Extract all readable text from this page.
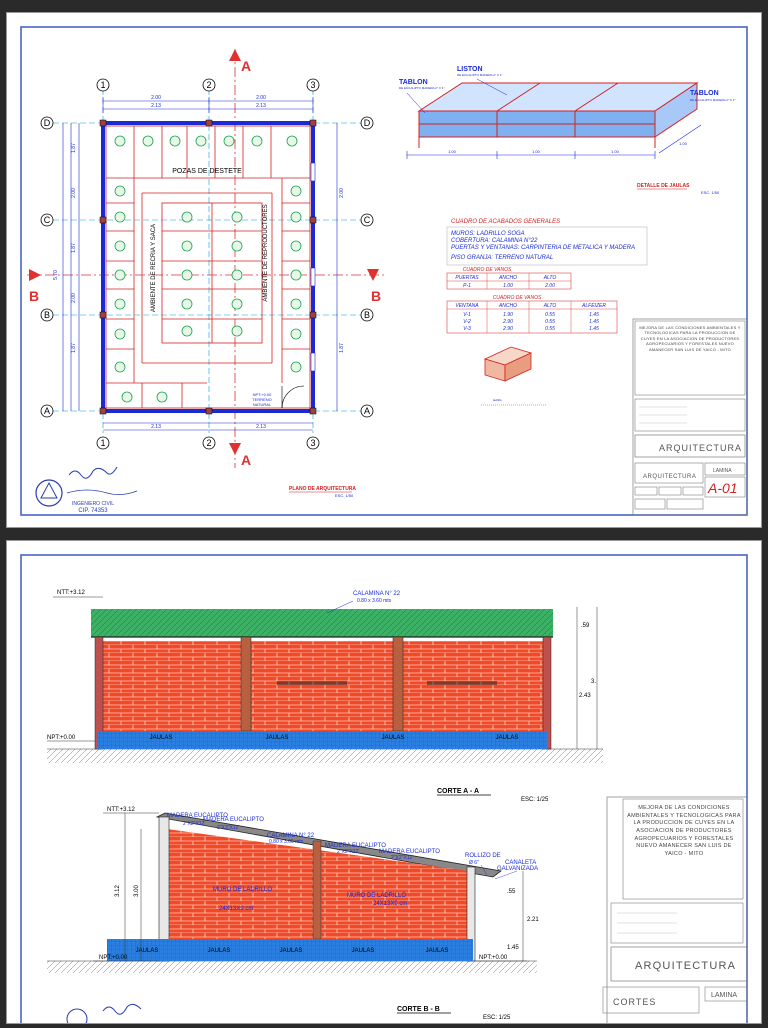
A
A
B	B
1	2	3
1	2	3
D
C
B
A
D
C
B
A
2.00	2.00
2.13	2.13
5.70
1.87
2.00
1.87
2.00
1.87
2.00
1.87
POZAS DE DESTETE
AMBIENTE DE RECRIA Y SACA	AMBIENTE DE REPRODUCTORES
NPT:+0.00
TERRENO
NATURAL
2.13	2.13
PLANO DE ARQUITECTURA
ESC. 1/50
INGENIERO CIVIL
CIP. 74353
1.00	1.00	1.00
1.00
LISTON
DE EUCALIPTO MADERA 2" X 1"
TABLON
DE EUCALIPTO MADERA 2" X 1"
TABLON
DE EUCALIPTO MADERA 2" X 1"
DETALLE DE JAULAS
ESC. 1/50
CUADRO DE ACABADOS GENERALES
MUROS: LADRILLO SOGA
COBERTURA: CALAMINA N°22
PUERTAS Y VENTANAS: CARPINTERIA DE METALICA Y MADERA
PISO GRANJA: TERRENO NATURAL
CUADRO DE VANOS
PUERTAS	ANCHO	ALTO
P-1	1.00	2.00
CUADRO DE VANOS
VENTANA	ANCHO	ALTO	ALFEIZER
V-1	1.90	0.55	1.45
V-2	2.90	0.55	1.45
V-3	2.90	0.55	1.45
ladrillo
MEJORA DE LAS CONDICIONES AMBIENTALES Y TECNOLOGICAS PARA LA PRODUCCION DE CUYES EN LA ASOCIACION DE PRODUCTORES AGROPECUARIOS Y FORESTALES NUEVO AMANECER SAN LUIS DE YAICO - MITO
ARQUITECTURA
ARQUITECTURA
LAMINA
A-01
JAULAS	JAULAS	JAULAS	JAULAS
NTT:+3.12
NPT:+0.00
CALAMINA N° 22
0.80 x 3.60 mts
.59
2.43
3.
CORTE A - A
ESC: 1/25
JAULAS	JAULAS	JAULAS	JAULAS	JAULAS
NTT:+3.12
NPT:+0.00	NPT:+0.00
3.12 3.00	.55
2.21
1.45
MADERA EUCALIPTO
2"X2"X12'
MADERA EUCALIPTO
2"X3"X12'
CALAMINA N° 22
0.80 x 3.60 mts
MADERA EUCALIPTO
2"X2"X12'	MADERA EUCALIPTO
2"X2"X12'	ROLLIZO DE
Ø 6"	CANALETA
GALVANIZADA
MURO DE LADRILLO
24X13X9 cm
MURO DE LADRILLO
24X13X9 cm
CORTE B - B
ESC: 1/25
MEJORA DE LAS CONDICIONES AMBIENTALES Y TECNOLOGICAS PARA LA PRODUCCION DE CUYES EN LA ASOCIACION DE PRODUCTORES AGROPECUARIOS Y FORESTALES NUEVO AMANECER SAN LUIS DE YAICO - MITO
ARQUITECTURA
CORTES
LAMINA
